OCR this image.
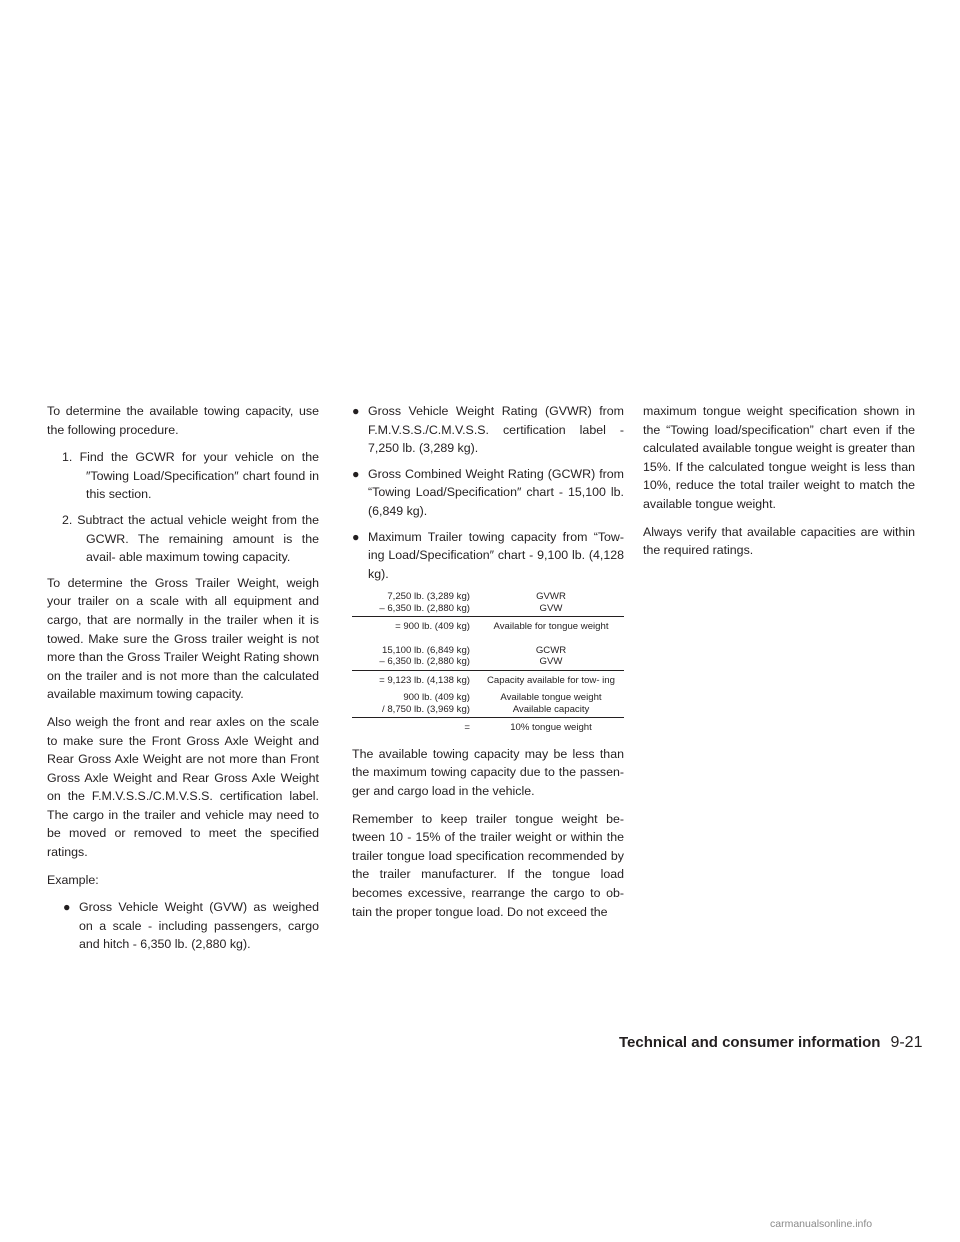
To determine the available towing capacity, use the following procedure.

1. Find the GCWR for your vehicle on the ″Towing Load/Specification″ chart found in this section.
2. Subtract the actual vehicle weight from the GCWR. The remaining amount is the avail- able maximum towing capacity.

To determine the Gross Trailer Weight, weigh your trailer on a scale with all equipment and cargo, that are normally in the trailer when it is towed. Make sure the Gross trailer weight is not more than the Gross Trailer Weight Rating shown on the trailer and is not more than the calculated available maximum towing capacity.

Also weigh the front and rear axles on the scale to make sure the Front Gross Axle Weight and Rear Gross Axle Weight are not more than Front Gross Axle Weight and Rear Gross Axle Weight on the F.M.V.S.S./C.M.V.S.S. certification label. The cargo in the trailer and vehicle may need to be moved or removed to meet the specified ratings.

Example:

● Gross Vehicle Weight (GVW) as weighed on a scale - including passengers, cargo and hitch - 6,350 lb. (2,880 kg).
● Gross Vehicle Weight Rating (GVWR) from F.M.V.S.S./C.M.V.S.S. certification label - 7,250 lb. (3,289 kg).
● Gross Combined Weight Rating (GCWR) from “Towing Load/Specification″ chart - 15,100 lb. (6,849 kg).
● Maximum Trailer towing capacity from “Tow- ing Load/Specification″ chart - 9,100 lb. (4,128 kg).
7,250 lb. (3,289 kg)	GVWR
– 6,350 lb. (2,880 kg)	GVW
= 900 lb. (409 kg)	Available for tongue weight
15,100 lb. (6,849 kg)	GCWR
– 6,350 lb. (2,880 kg)	GVW
= 9,123 lb. (4,138 kg)	Capacity available for tow- ing
900 lb. (409 kg)	Available tongue weight
/ 8,750 lb. (3,969 kg)	Available capacity
=	10% tongue weight

The available towing capacity may be less than the maximum towing capacity due to the passen- ger and cargo load in the vehicle.

Remember to keep trailer tongue weight be- tween 10 - 15% of the trailer weight or within the trailer tongue load specification recommended by the trailer manufacturer. If the tongue load becomes excessive, rearrange the cargo to ob- tain the proper tongue load. Do not exceed the

maximum tongue weight specification shown in the “Towing load/specification” chart even if the calculated available tongue weight is greater than 15%. If the calculated tongue weight is less than 10%, reduce the total trailer weight to match the available tongue weight.

Always verify that available capacities are within the required ratings.

Technical and consumer information 9-21
carmanualsonline.info
